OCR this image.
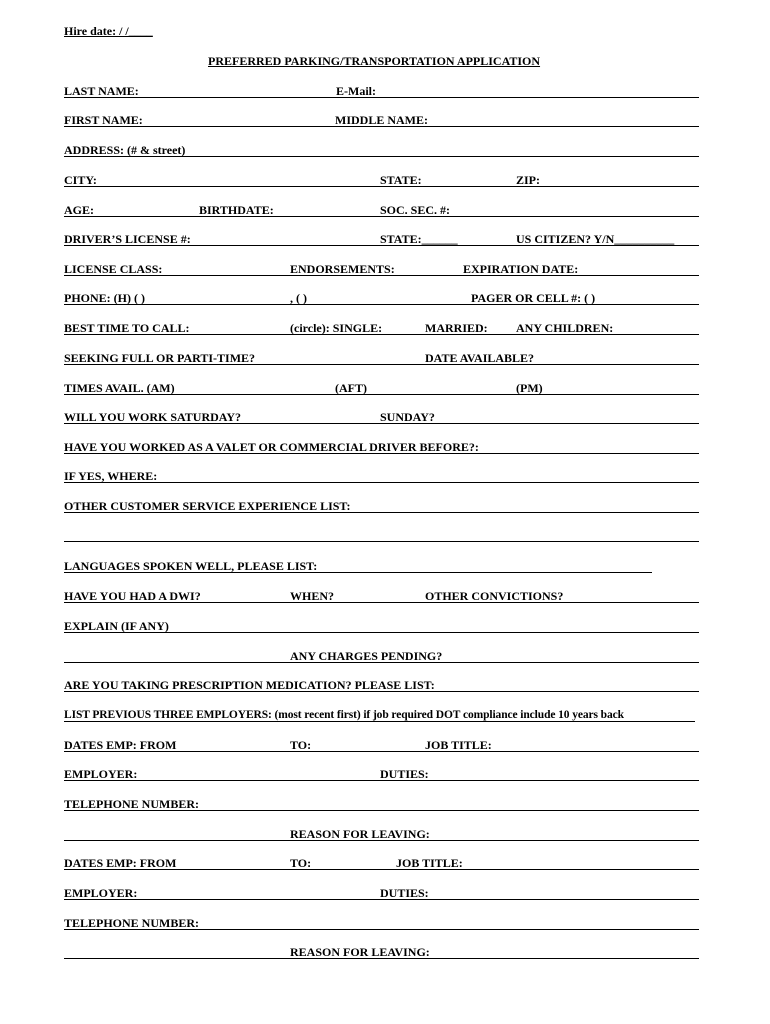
Hire date: / /____
PREFERRED PARKING/TRANSPORTATION APPLICATION
LAST NAME:	E-Mail:
FIRST NAME:	MIDDLE NAME:
ADDRESS: (# & street)
CITY:	STATE:	ZIP:
AGE:	BIRTHDATE:	SOC. SEC. #:
DRIVER’S LICENSE #:	STATE:______	US CITIZEN? Y/N__________
LICENSE CLASS:	ENDORSEMENTS:	EXPIRATION DATE:
PHONE: (H) ( )	, ( )	PAGER OR CELL #: ( )
BEST TIME TO CALL:	(circle): SINGLE:	MARRIED: ANY CHILDREN:
SEEKING FULL OR PARTI-TIME?	DATE AVAILABLE?
TIMES AVAIL. (AM)	(AFT)	(PM)
WILL YOU WORK SATURDAY?	SUNDAY?
HAVE YOU WORKED AS A VALET OR COMMERCIAL DRIVER BEFORE?:
IF YES, WHERE:
OTHER CUSTOMER SERVICE EXPERIENCE LIST:
LANGUAGES SPOKEN WELL, PLEASE LIST:
HAVE YOU HAD A DWI?	WHEN?	OTHER CONVICTIONS?
EXPLAIN (IF ANY)
ANY CHARGES PENDING?
ARE YOU TAKING PRESCRIPTION MEDICATION? PLEASE LIST:
LIST PREVIOUS THREE EMPLOYERS: (most recent first) if job required DOT compliance include 10 years back
DATES EMP: FROM	TO:	JOB TITLE:
EMPLOYER:	DUTIES:
TELEPHONE NUMBER:
REASON FOR LEAVING:
DATES EMP: FROM	TO:	JOB TITLE:
EMPLOYER:	DUTIES:
TELEPHONE NUMBER:
REASON FOR LEAVING:
